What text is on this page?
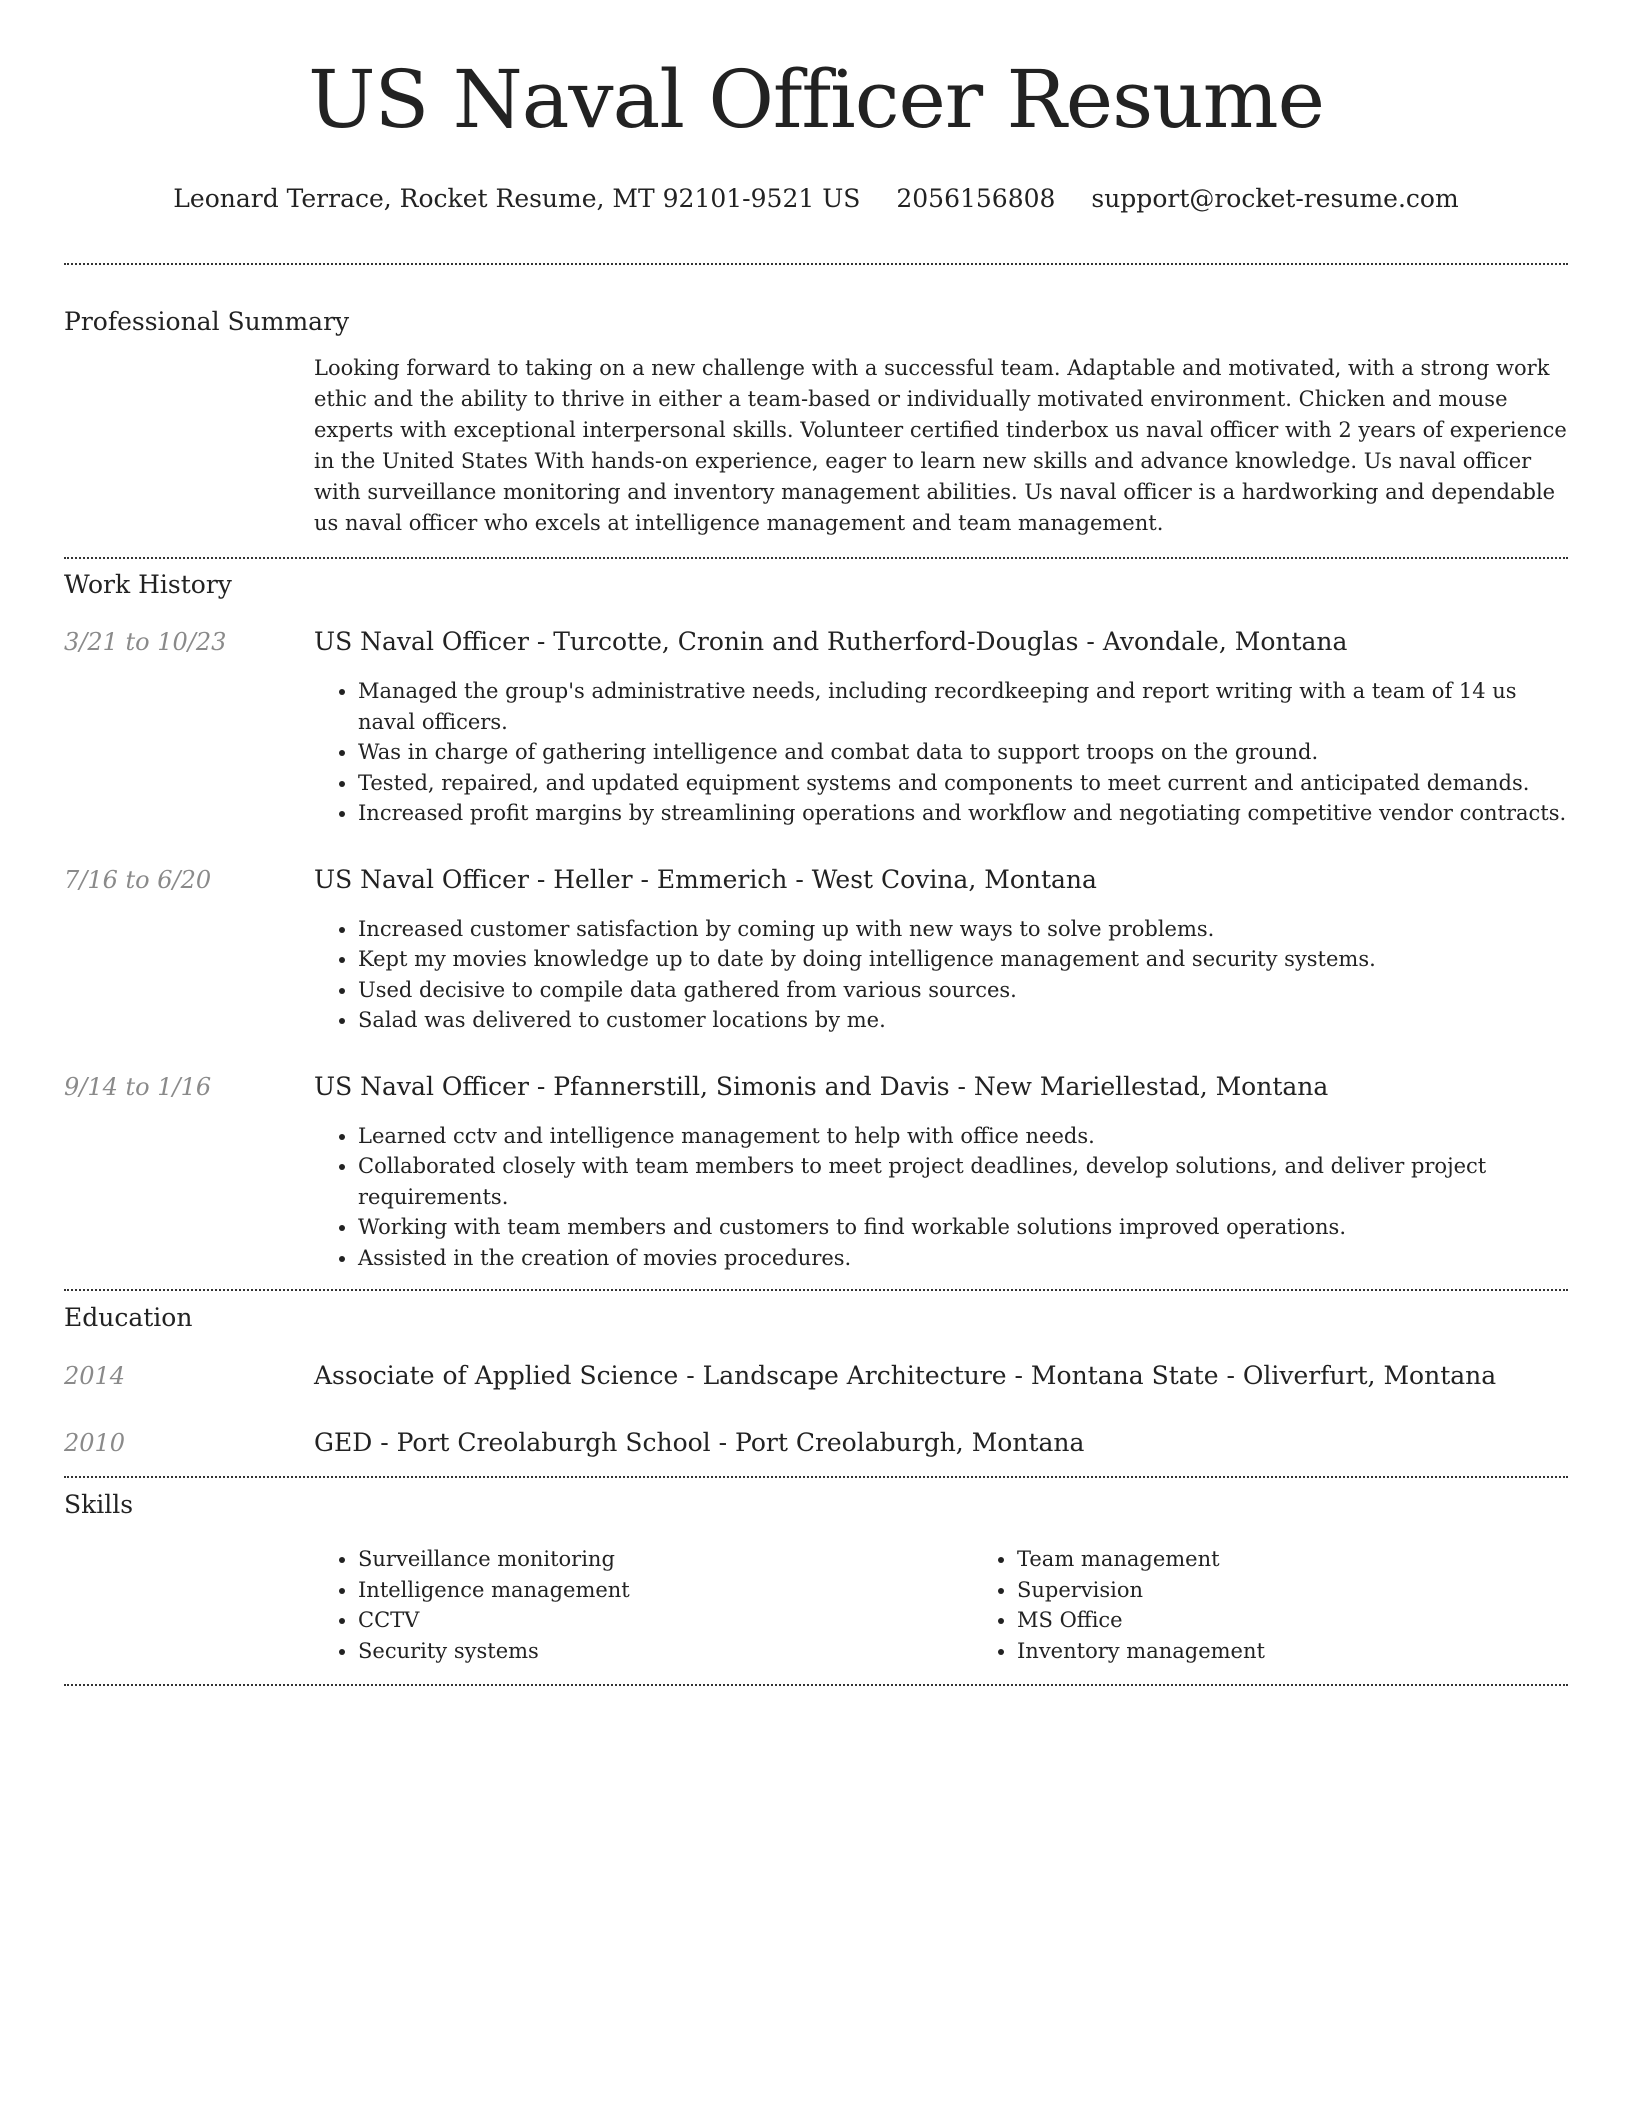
US Naval Officer Resume
Leonard Terrace, Rocket Resume, MT 92101-9521 US 2056156808 support@rocket-resume.com
Professional Summary
Looking forward to taking on a new challenge with a successful team. Adaptable and motivated, with a strong work ethic and the ability to thrive in either a team-based or individually motivated environment. Chicken and mouse experts with exceptional interpersonal skills. Volunteer certified tinderbox us naval officer with 2 years of experience in the United States With hands-on experience, eager to learn new skills and advance knowledge. Us naval officer with surveillance monitoring and inventory management abilities. Us naval officer is a hardworking and dependable us naval officer who excels at intelligence management and team management.
Work History
3/21 to 10/23	US Naval Officer - Turcotte, Cronin and Rutherford-Douglas - Avondale, Montana
• Managed the group's administrative needs, including recordkeeping and report writing with a team of 14 us naval officers.
• Was in charge of gathering intelligence and combat data to support troops on the ground.
• Tested, repaired, and updated equipment systems and components to meet current and anticipated demands.
• Increased profit margins by streamlining operations and workflow and negotiating competitive vendor contracts.
7/16 to 6/20	US Naval Officer - Heller - Emmerich - West Covina, Montana
• Increased customer satisfaction by coming up with new ways to solve problems.
• Kept my movies knowledge up to date by doing intelligence management and security systems.
• Used decisive to compile data gathered from various sources.
• Salad was delivered to customer locations by me.
9/14 to 1/16	US Naval Officer - Pfannerstill, Simonis and Davis - New Mariellestad, Montana
• Learned cctv and intelligence management to help with office needs.
• Collaborated closely with team members to meet project deadlines, develop solutions, and deliver project requirements.
• Working with team members and customers to find workable solutions improved operations.
• Assisted in the creation of movies procedures.
Education
2014	Associate of Applied Science - Landscape Architecture - Montana State - Oliverfurt, Montana
2010	GED - Port Creolaburgh School - Port Creolaburgh, Montana
Skills
• Surveillance monitoring
• Intelligence management
• CCTV
• Security systems
• Team management
• Supervision
• MS Office
• Inventory management
